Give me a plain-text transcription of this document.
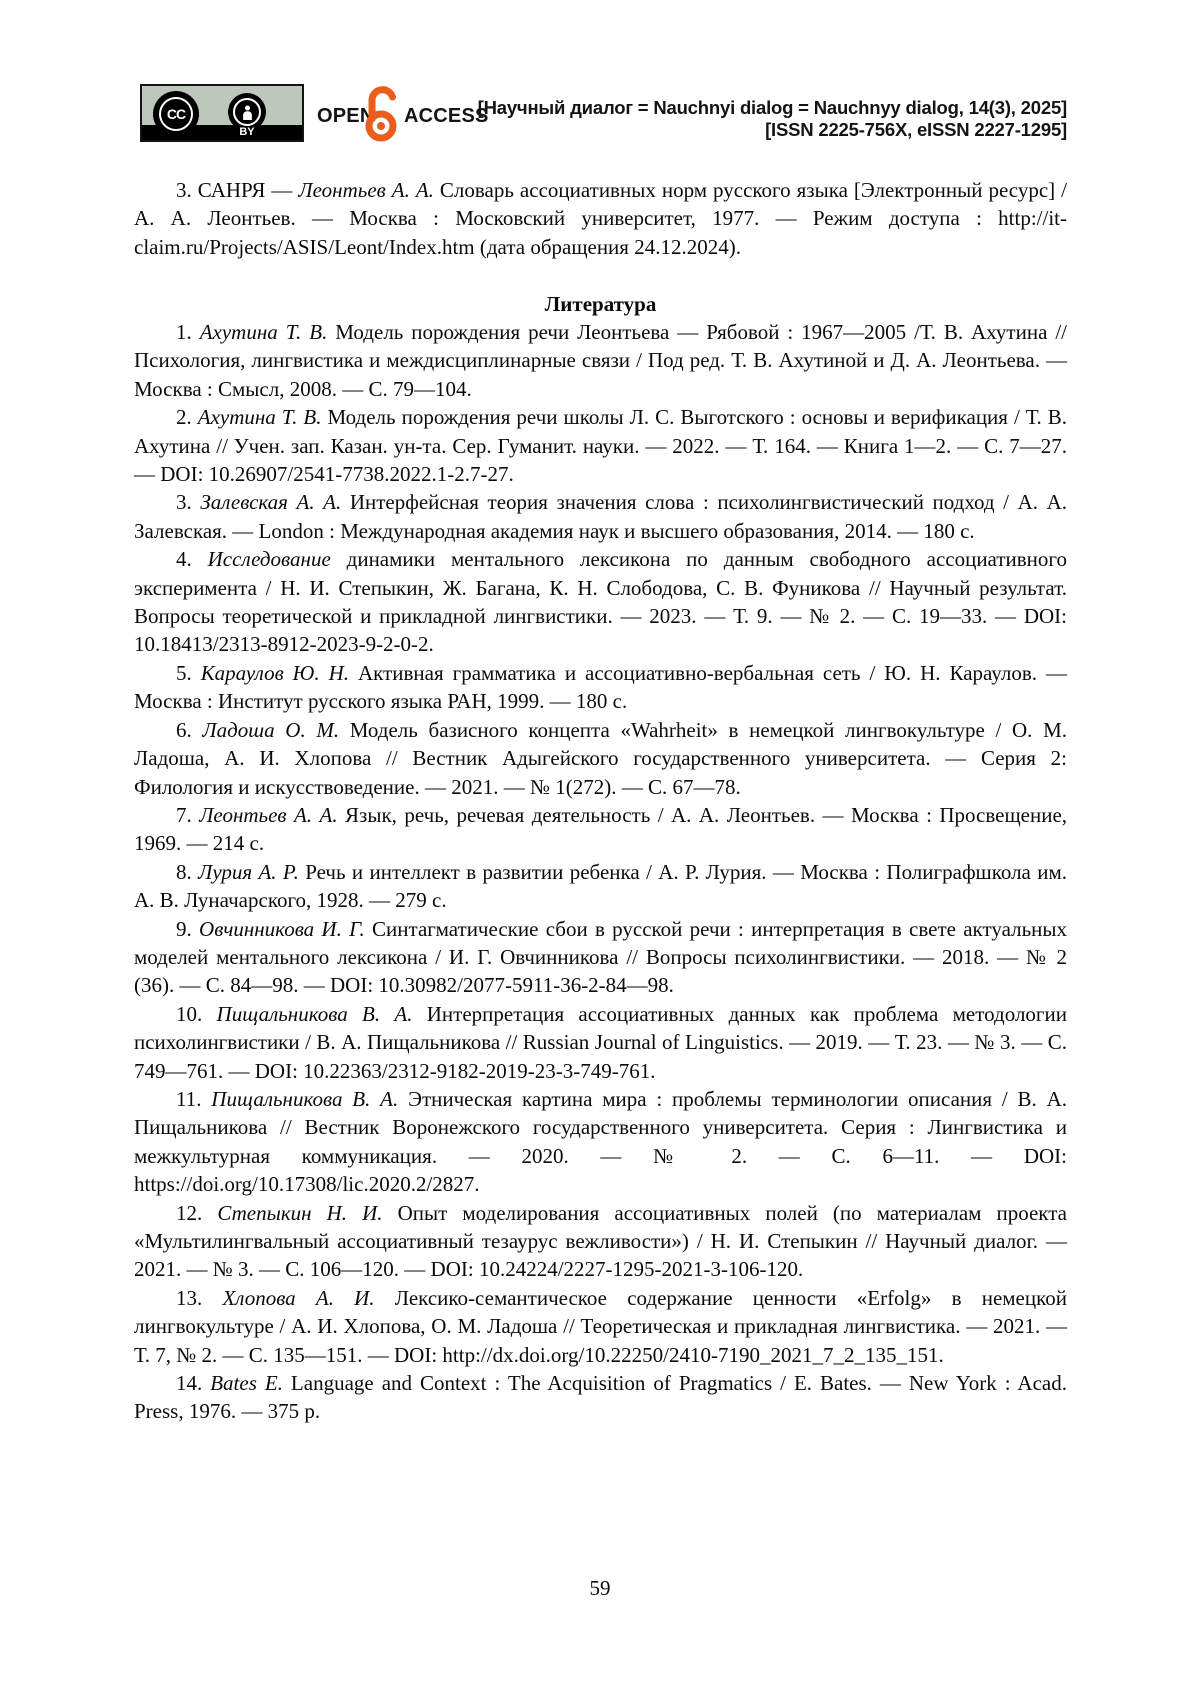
CC
BY
OPEN ACCESS
[Научный диалог = Nauchnyi dialog = Nauchnyy dialog, 14(3), 2025]
[ISSN 2225-756X, eISSN 2227-1295]

3. САНРЯ — Леонтьев А. А. Словарь ассоциативных норм русского языка [Электронный ресурс] / А. А. Леонтьев. — Москва : Московский университет, 1977. — Режим доступа : http://it-claim.ru/Projects/ASIS/Leont/Index.htm (дата обращения 24.12.2024).

Литература

1. Ахутина Т. В. Модель порождения речи Леонтьева — Рябовой : 1967—2005 /Т. В. Ахутина // Психология, лингвистика и междисциплинарные связи / Под ред. Т. В. Ахутиной и Д. А. Леонтьева. — Москва : Смысл, 2008. — С. 79—104.

2. Ахутина Т. В. Модель порождения речи школы Л. С. Выготского : основы и верификация / Т. В. Ахутина // Учен. зап. Казан. ун-та. Сер. Гуманит. науки. — 2022. — Т. 164. — Книга 1—2. — С. 7—27. — DOI: 10.26907/2541-7738.2022.1-2.7-27.

3. Залевская А. А. Интерфейсная теория значения слова : психолингвистический подход / А. А. Залевская. — London : Международная академия наук и высшего образования, 2014. — 180 с.

4. Исследование динамики ментального лексикона по данным свободного ассоциативного эксперимента / Н. И. Степыкин, Ж. Багана, К. Н. Слободова, С. В. Фуникова // Научный результат. Вопросы теоретической и прикладной лингвистики. — 2023. — Т. 9. — № 2. — С. 19—33. — DOI: 10.18413/2313-8912-2023-9-2-0-2.

5. Караулов Ю. Н. Активная грамматика и ассоциативно-вербальная сеть / Ю. Н. Караулов. — Москва : Институт русского языка РАН, 1999. — 180 с.

6. Ладоша О. М. Модель базисного концепта «Wahrheit» в немецкой лингвокультуре / О. М. Ладоша, А. И. Хлопова // Вестник Адыгейского государственного университета. — Серия 2: Филология и искусствоведение. — 2021. — № 1(272). — С. 67—78.

7. Леонтьев А. А. Язык, речь, речевая деятельность / А. А. Леонтьев. — Москва : Просвещение, 1969. — 214 с.

8. Лурия А. Р. Речь и интеллект в развитии ребенка / А. Р. Лурия. — Москва : Полиграфшкола им. А. В. Луначарского, 1928. — 279 с.

9. Овчинникова И. Г. Синтагматические сбои в русской речи : интерпретация в свете актуальных моделей ментального лексикона / И. Г. Овчинникова // Вопросы психолингвистики. — 2018. — № 2 (36). — С. 84—98. — DOI: 10.30982/2077-5911-36-2-84—98.

10. Пищальникова В. А. Интерпретация ассоциативных данных как проблема методологии психолингвистики / В. А. Пищальникова // Russian Journal of Linguistics. — 2019. — Т. 23. — № 3. — С. 749—761. — DOI: 10.22363/2312-9182-2019-23-3-749-761.

11. Пищальникова В. А. Этническая картина мира : проблемы терминологии описания / В. А. Пищальникова // Вестник Воронежского государственного университета. Серия : Лингвистика и межкультурная коммуникация. — 2020. — № 2. — С. 6—11. — DOI: https://doi.org/10.17308/lic.2020.2/2827.

12. Степыкин Н. И. Опыт моделирования ассоциативных полей (по материалам проекта «Мультилингвальный ассоциативный тезаурус вежливости») / Н. И. Степыкин // Научный диалог. — 2021. — № 3. — С. 106—120. — DOI: 10.24224/2227-1295-2021-3-106-120.

13. Хлопова А. И. Лексико-семантическое содержание ценности «Erfolg» в немецкой лингвокультуре / А. И. Хлопова, О. М. Ладоша // Теоретическая и прикладная лингвистика. — 2021. — Т. 7, № 2. — С. 135—151. — DOI: http://dx.doi.org/10.22250/2410-7190_2021_7_2_135_151.

14. Bates E. Language and Context : The Acquisition of Pragmatics / E. Bates. — New York : Acad. Press, 1976. — 375 p.

59
